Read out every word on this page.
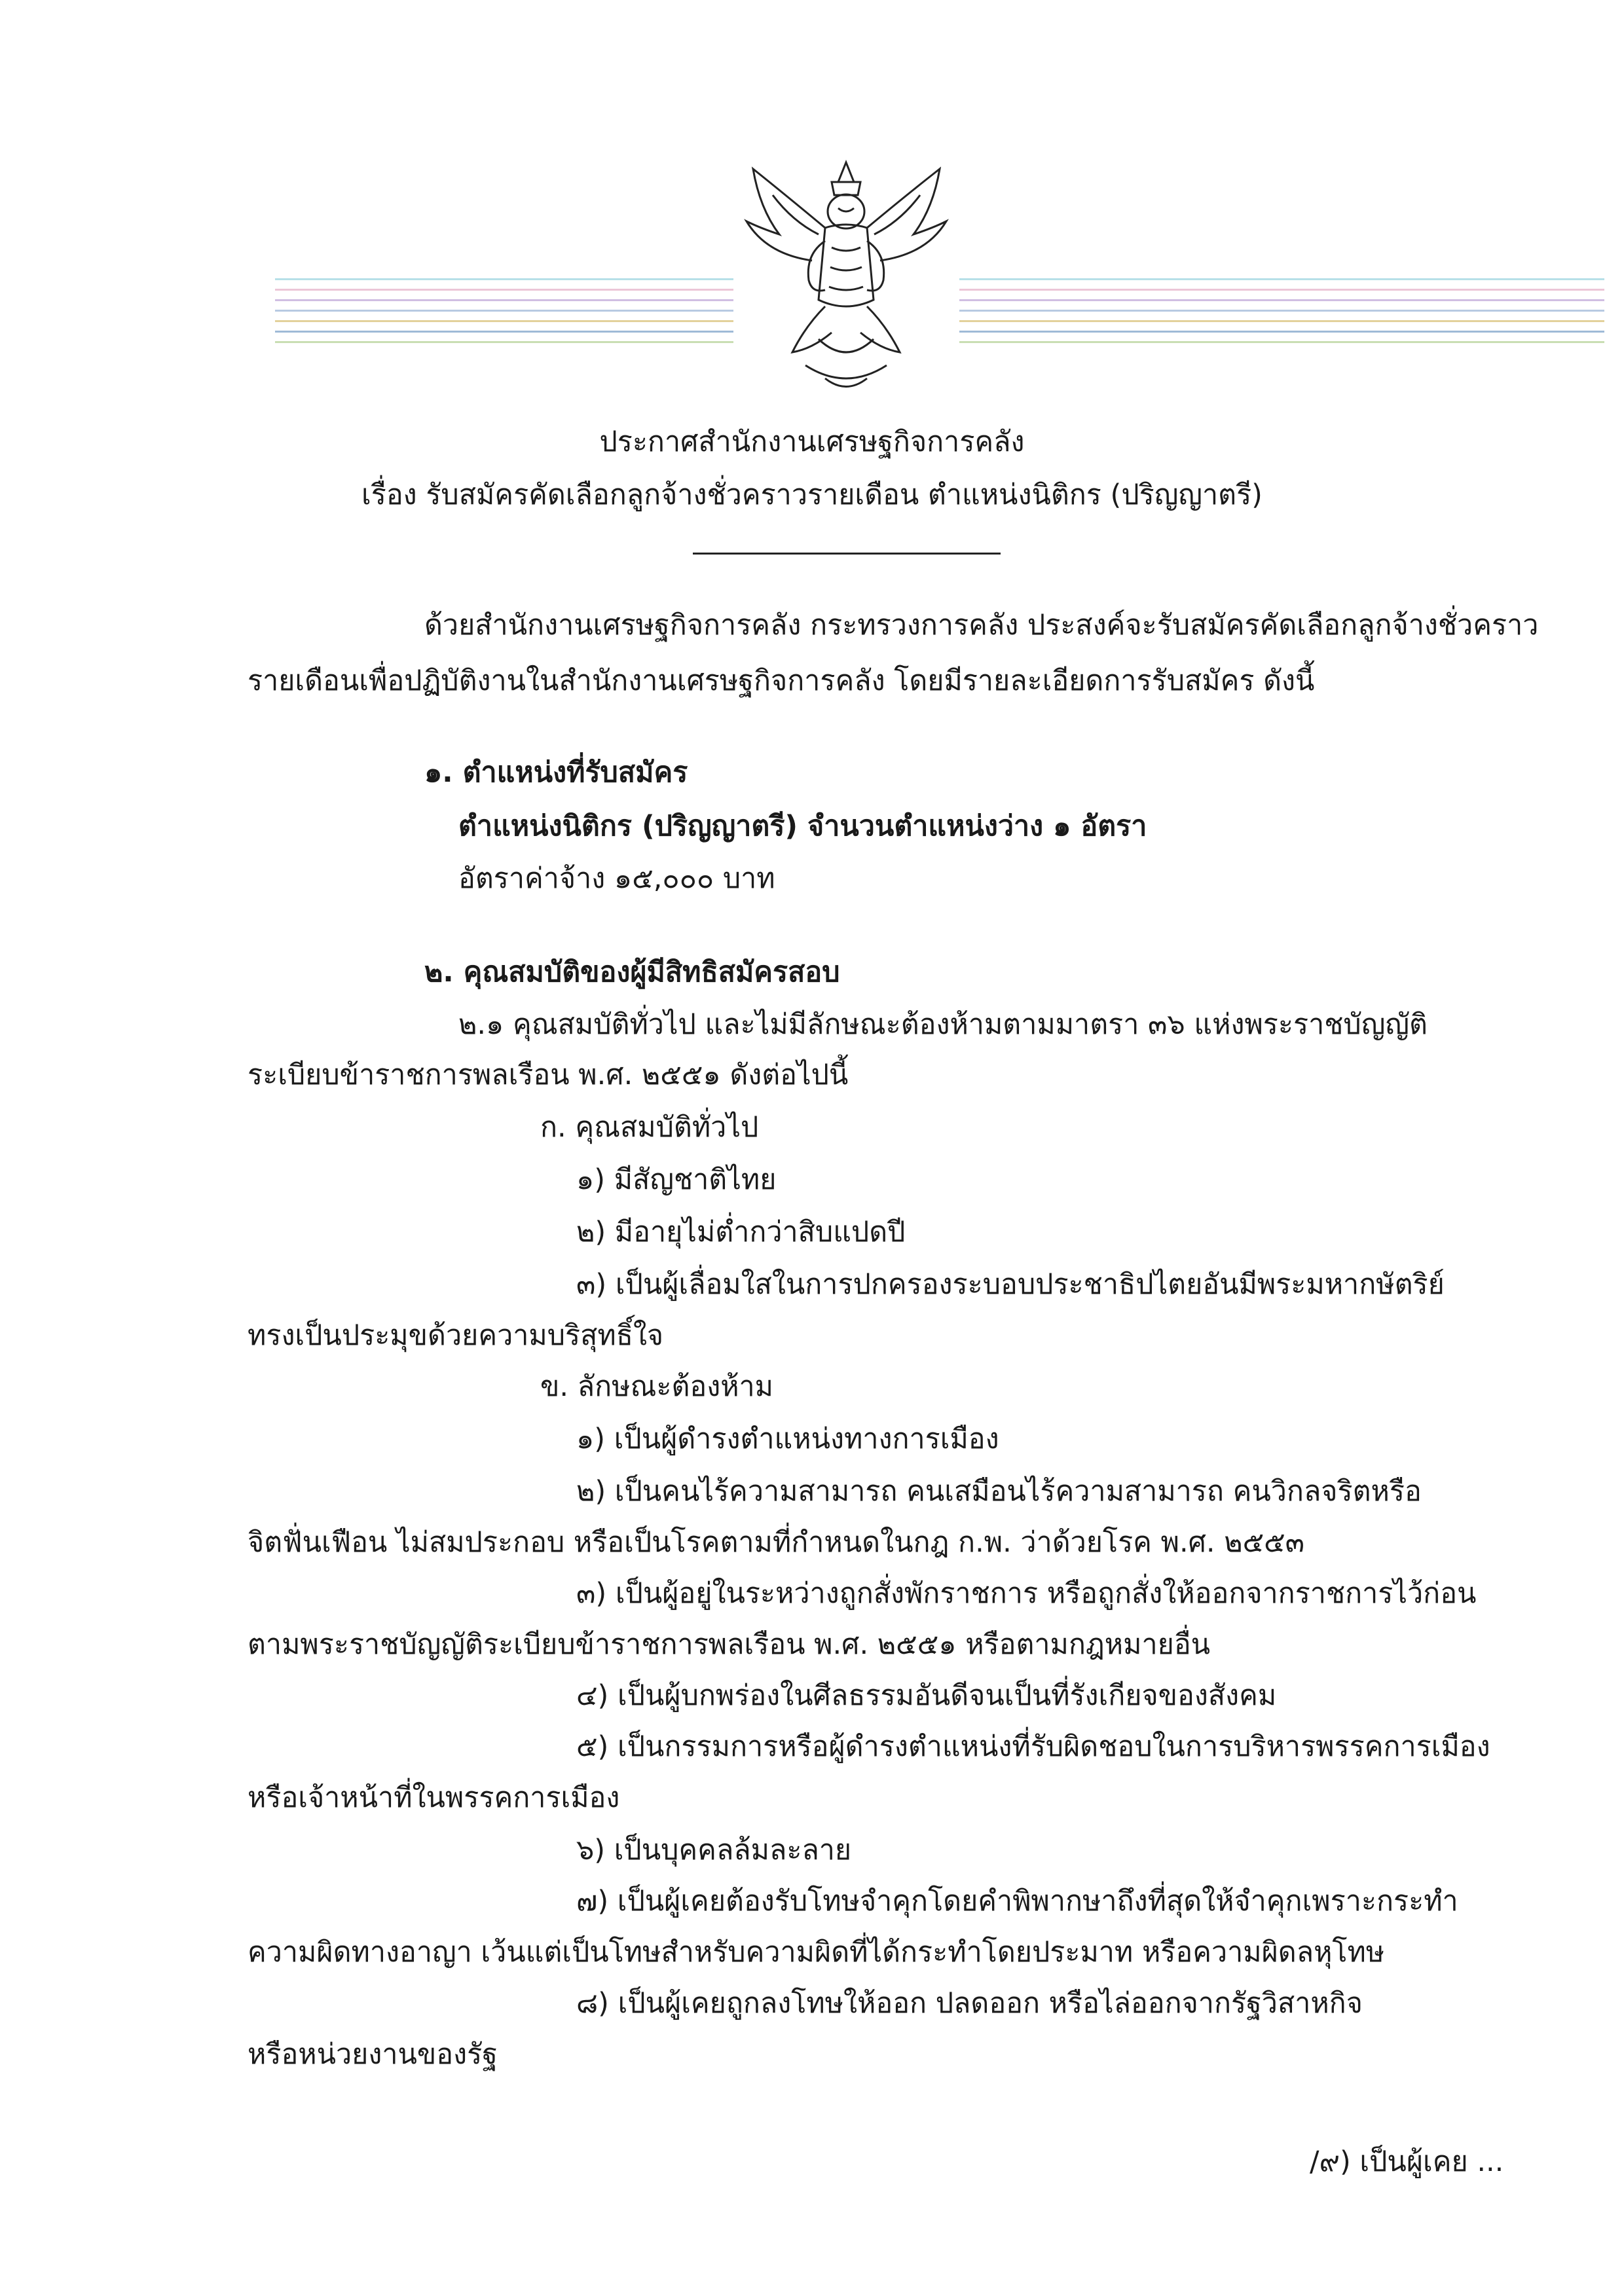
ประกาศสำนักงานเศรษฐกิจการคลัง
เรื่อง รับสมัครคัดเลือกลูกจ้างชั่วคราวรายเดือน ตำแหน่งนิติกร (ปริญญาตรี)
ด้วยสำนักงานเศรษฐกิจการคลัง กระทรวงการคลัง ประสงค์จะรับสมัครคัดเลือกลูกจ้างชั่วคราว
รายเดือนเพื่อปฏิบัติงานในสำนักงานเศรษฐกิจการคลัง โดยมีรายละเอียดการรับสมัคร ดังนี้
๑. ตำแหน่งที่รับสมัคร
ตำแหน่งนิติกร (ปริญญาตรี) จำนวนตำแหน่งว่าง ๑ อัตรา
อัตราค่าจ้าง ๑๕,๐๐๐ บาท
๒. คุณสมบัติของผู้มีสิทธิสมัครสอบ
๒.๑ คุณสมบัติทั่วไป และไม่มีลักษณะต้องห้ามตามมาตรา ๓๖ แห่งพระราชบัญญัติ
ระเบียบข้าราชการพลเรือน พ.ศ. ๒๕๕๑ ดังต่อไปนี้
ก. คุณสมบัติทั่วไป
๑) มีสัญชาติไทย
๒) มีอายุไม่ต่ำกว่าสิบแปดปี
๓) เป็นผู้เลื่อมใสในการปกครองระบอบประชาธิปไตยอันมีพระมหากษัตริย์
ทรงเป็นประมุขด้วยความบริสุทธิ์ใจ
ข. ลักษณะต้องห้าม
๑) เป็นผู้ดำรงตำแหน่งทางการเมือง
๒) เป็นคนไร้ความสามารถ คนเสมือนไร้ความสามารถ คนวิกลจริตหรือ
จิตฟั่นเฟือน ไม่สมประกอบ หรือเป็นโรคตามที่กำหนดในกฎ ก.พ. ว่าด้วยโรค พ.ศ. ๒๕๕๓
๓) เป็นผู้อยู่ในระหว่างถูกสั่งพักราชการ หรือถูกสั่งให้ออกจากราชการไว้ก่อน
ตามพระราชบัญญัติระเบียบข้าราชการพลเรือน พ.ศ. ๒๕๕๑ หรือตามกฎหมายอื่น
๔) เป็นผู้บกพร่องในศีลธรรมอันดีจนเป็นที่รังเกียจของสังคม
๕) เป็นกรรมการหรือผู้ดำรงตำแหน่งที่รับผิดชอบในการบริหารพรรคการเมือง
หรือเจ้าหน้าที่ในพรรคการเมือง
๖) เป็นบุคคลล้มละลาย
๗) เป็นผู้เคยต้องรับโทษจำคุกโดยคำพิพากษาถึงที่สุดให้จำคุกเพราะกระทำ
ความผิดทางอาญา เว้นแต่เป็นโทษสำหรับความผิดที่ได้กระทำโดยประมาท หรือความผิดลหุโทษ
๘) เป็นผู้เคยถูกลงโทษให้ออก ปลดออก หรือไล่ออกจากรัฐวิสาหกิจ
หรือหน่วยงานของรัฐ
/๙) เป็นผู้เคย ...
